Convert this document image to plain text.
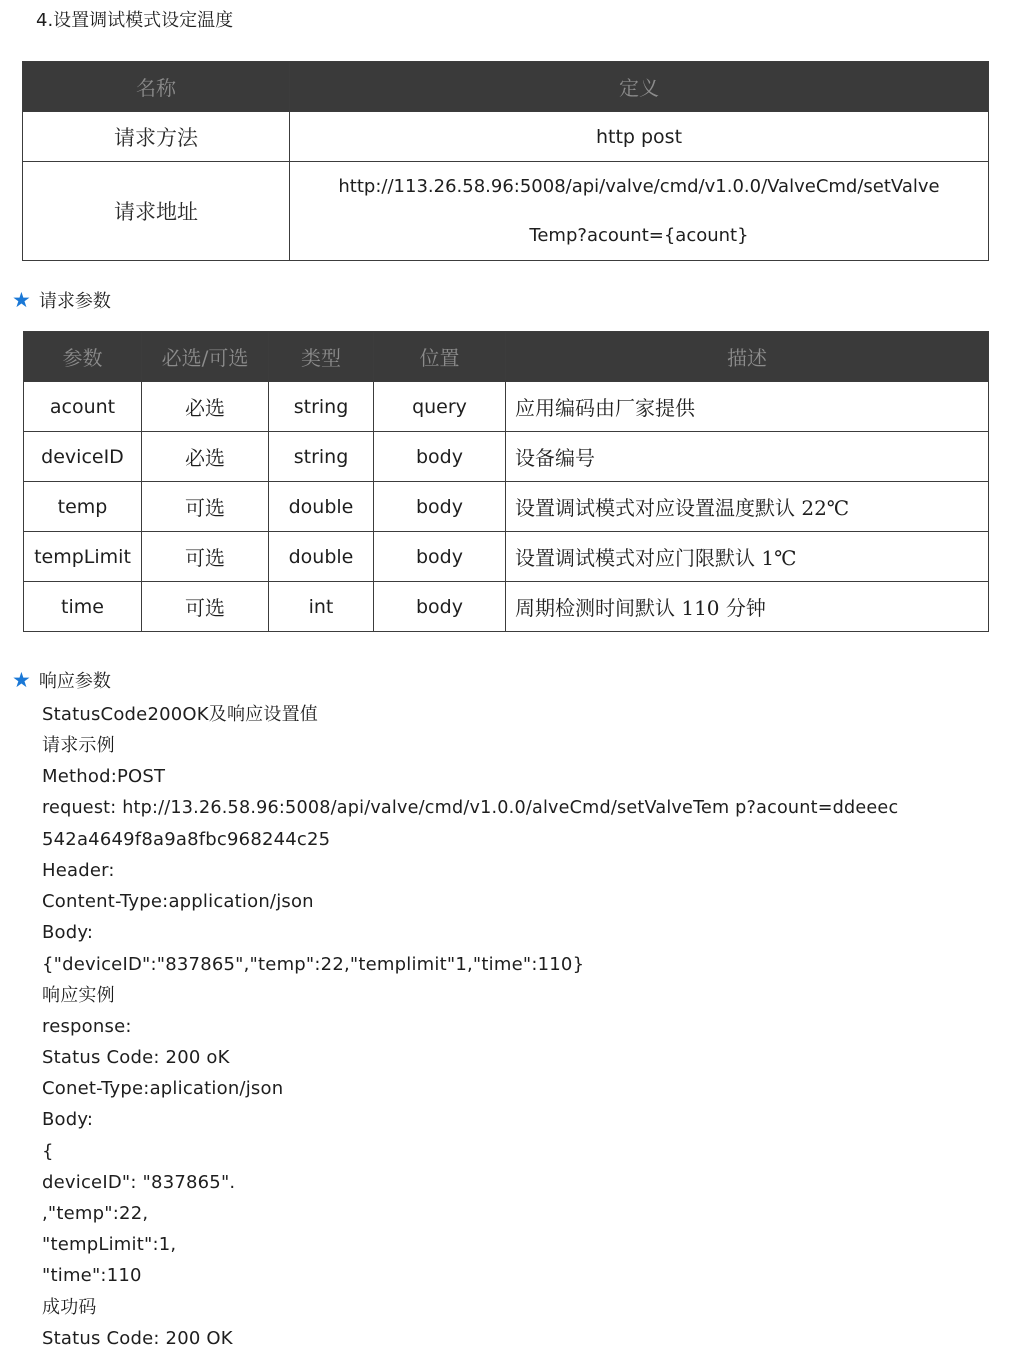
4.设置调试模式设定温度
名称	定义
请求方法	http post
请求地址	http://113.26.58.96:5008/api/valve/cmd/v1.0.0/ValveCmd/setValve
Temp?acount={acount}
★ 请求参数
参数	必选/可选	类型	位置	描述
acount	必选	string	query	应用编码由厂家提供
deviceID	必选	string	body	设备编号
temp	可选	double	body	设置调试模式对应设置温度默认 22℃
tempLimit	可选	double	body	设置调试模式对应门限默认 1℃
time	可选	int	body	周期检测时间默认 110 分钟
★ 响应参数
StatusCode200OK及响应设置值
请求示例
Method:POST
request: htp://13.26.58.96:5008/api/valve/cmd/v1.0.0/alveCmd/setValveTem p?acount=ddeeec
542a4649f8a9a8fbc968244c25
Header:
Content-Type:application/json
Body:
{"deviceID":"837865","temp":22,"templimit"1,"time":110}
响应实例
response:
Status Code: 200 oK
Conet-Type:aplication/json
Body:
{
deviceID": "837865".
,"temp":22,
"tempLimit":1,
"time":110
成功码
Status Code: 200 OK
